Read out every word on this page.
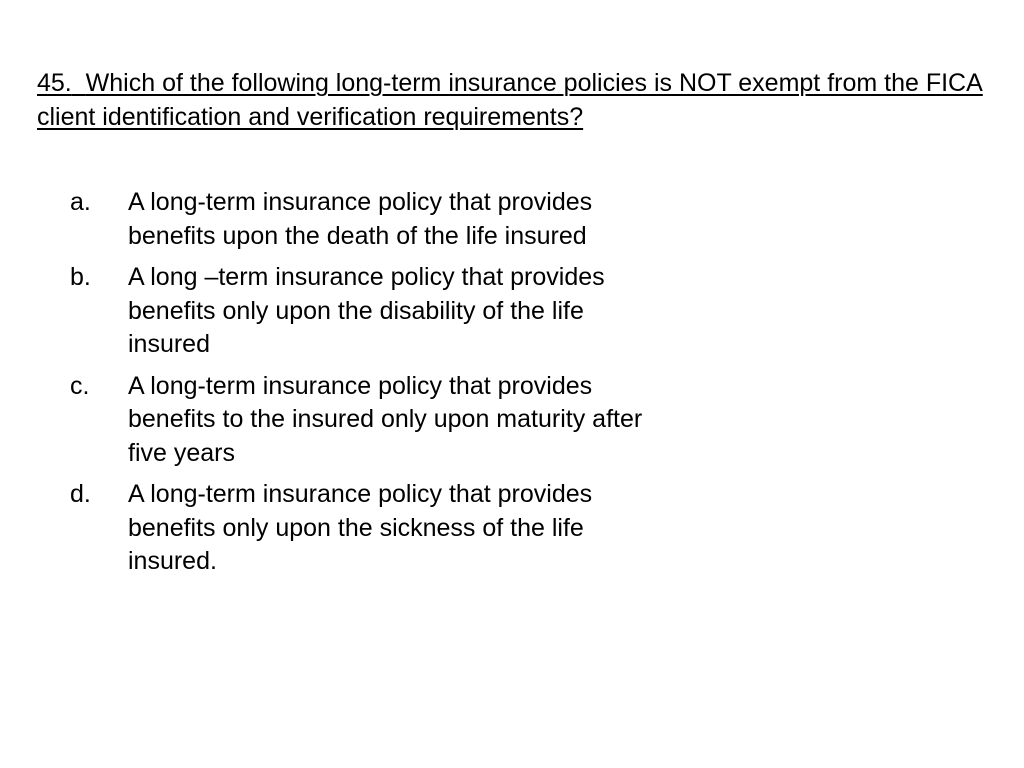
45. Which of the following long-term insurance policies is NOT exempt from the FICA client identification and verification requirements?
a.	A long-term insurance policy that provides benefits upon the death of the life insured
b.	A long –term insurance policy that provides benefits only upon the disability of the life insured
c.	A long-term insurance policy that provides benefits to the insured only upon maturity after five years
d.	A long-term insurance policy that provides benefits only upon the sickness of the life insured.
